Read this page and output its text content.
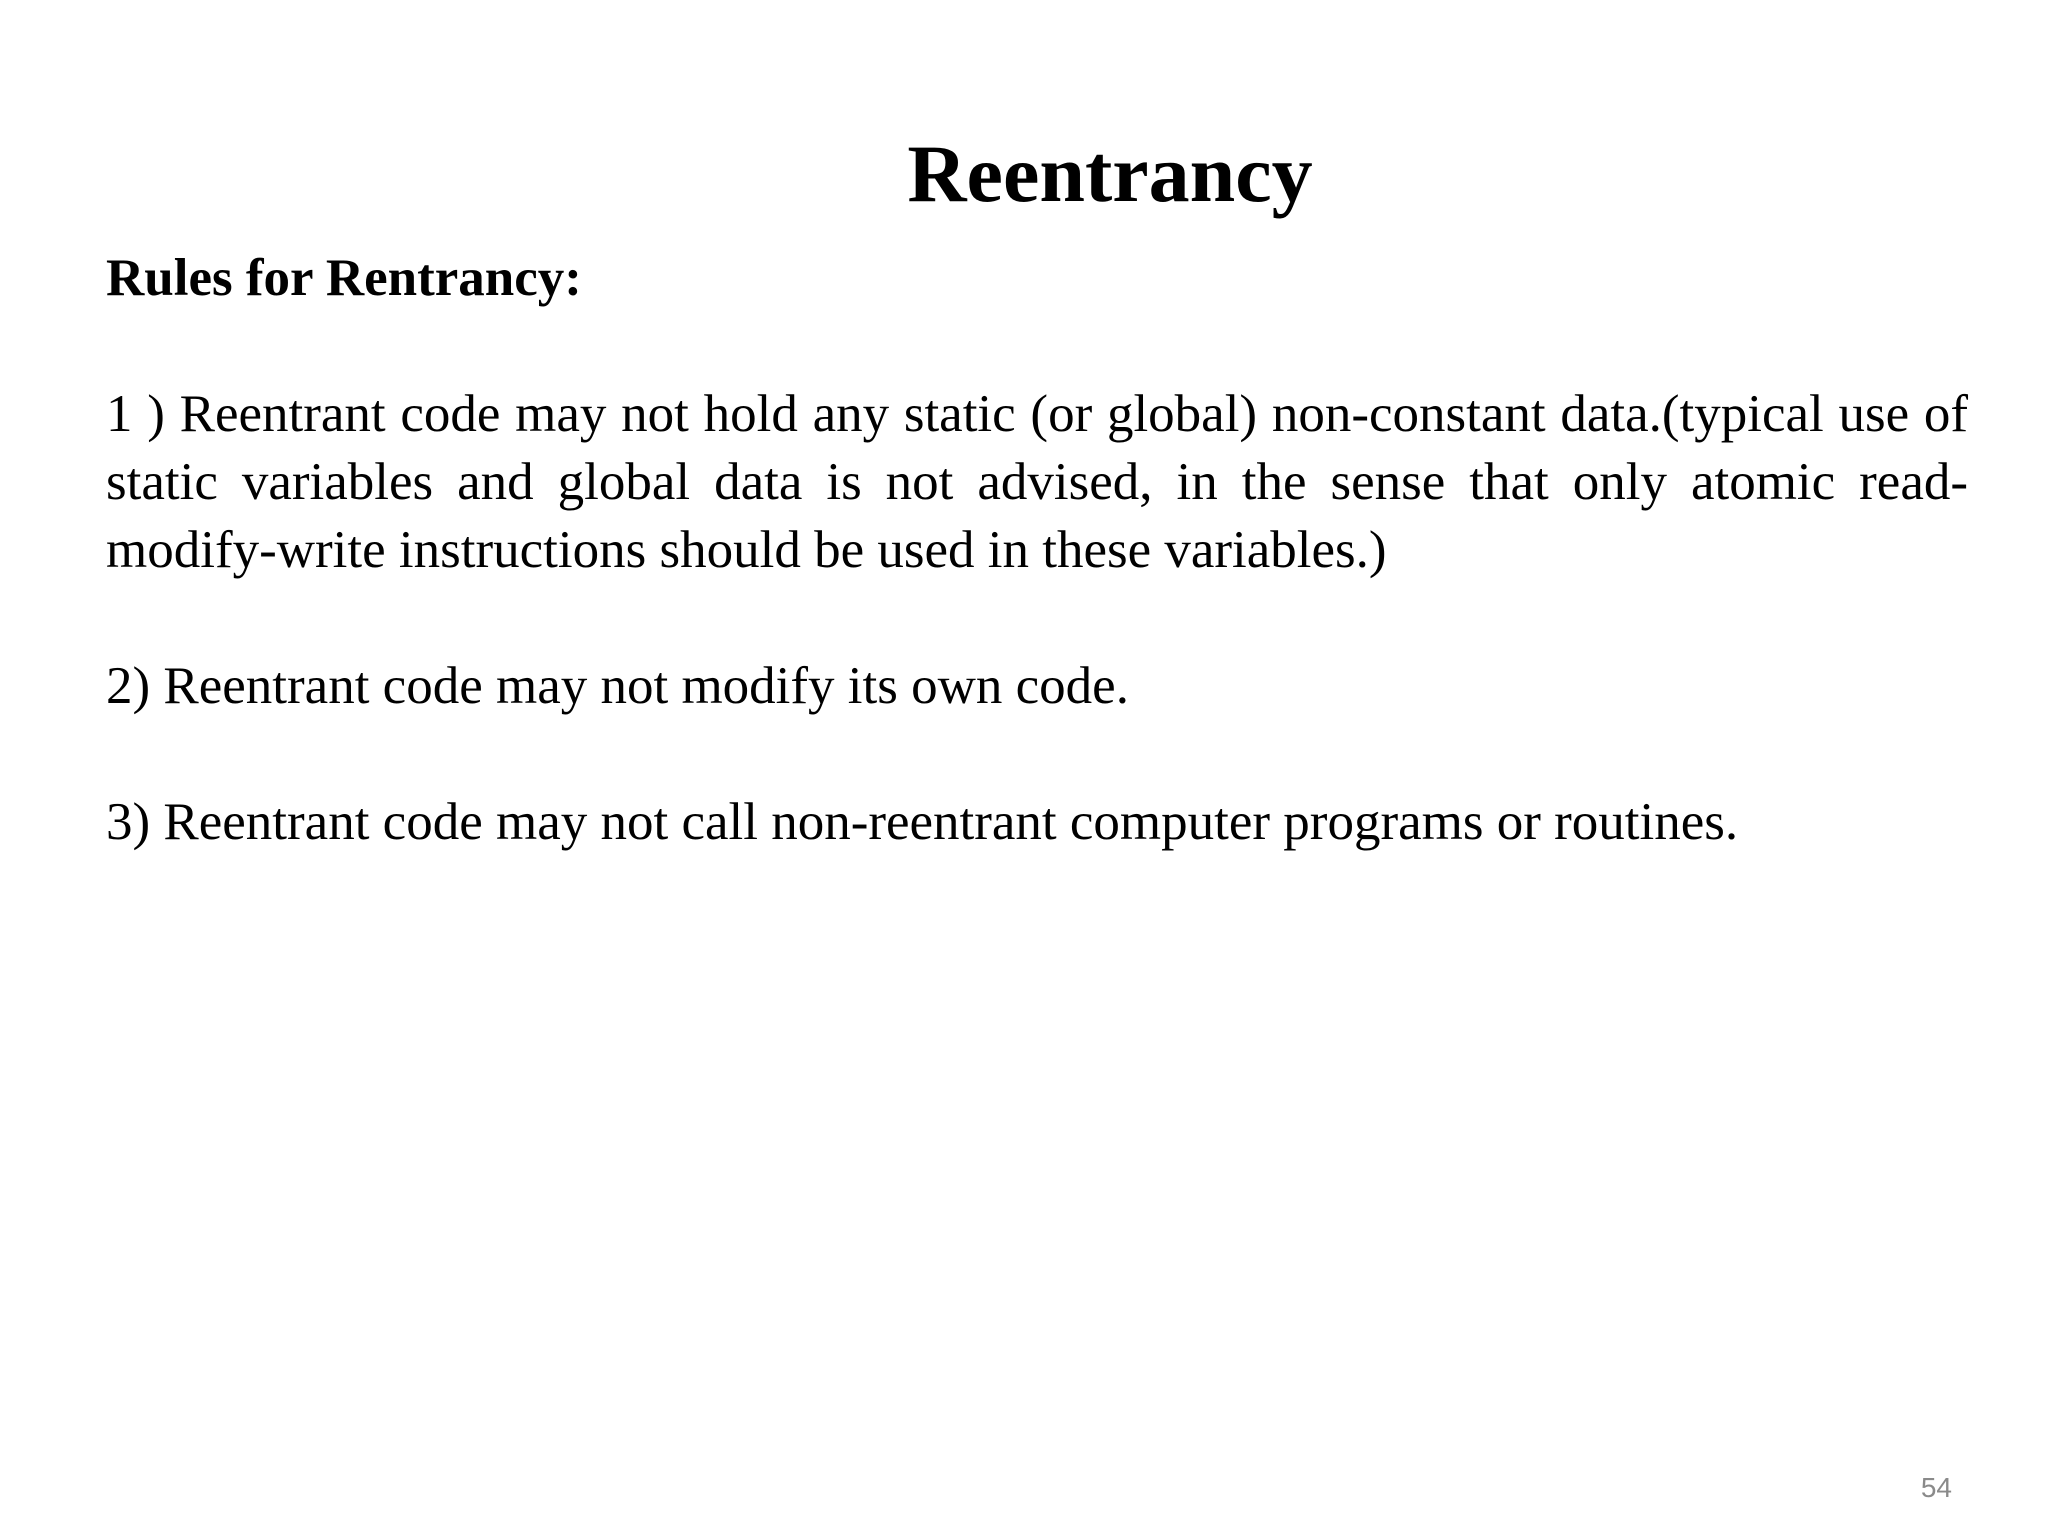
Reentrancy

Rules for Rentrancy:

1 ) Reentrant code may not hold any static (or global) non-constant data.(typical use of static variables and global data is not advised, in the sense that only atomic read-modify-write instructions should be used in these variables.)

2) Reentrant code may not modify its own code.

3) Reentrant code may not call non-reentrant computer programs or routines.

54
